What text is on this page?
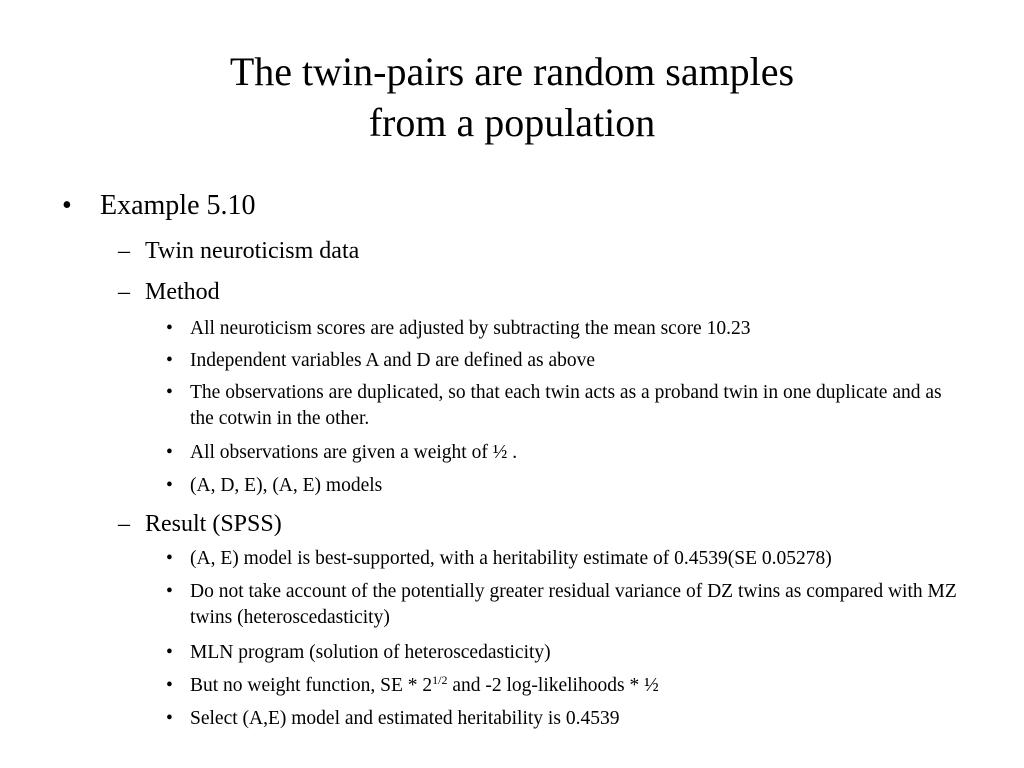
The twin-pairs are random samples
from a population
• Example 5.10
– Twin neuroticism data
– Method
• All neuroticism scores are adjusted by subtracting the mean score 10.23
• Independent variables A and D are defined as above
• The observations are duplicated, so that each twin acts as a proband twin in one duplicate and as the cotwin in the other.
• All observations are given a weight of ½ .
• (A, D, E), (A, E) models
– Result (SPSS)
• (A, E) model is best-supported, with a heritability estimate of 0.4539(SE 0.05278)
• Do not take account of the potentially greater residual variance of DZ twins as compared with MZ twins (heteroscedasticity)
• MLN program (solution of heteroscedasticity)
• But no weight function, SE * $2^{1/2}$ and -2 log-likelihoods * ½
• Select (A,E) model and estimated heritability is 0.4539
